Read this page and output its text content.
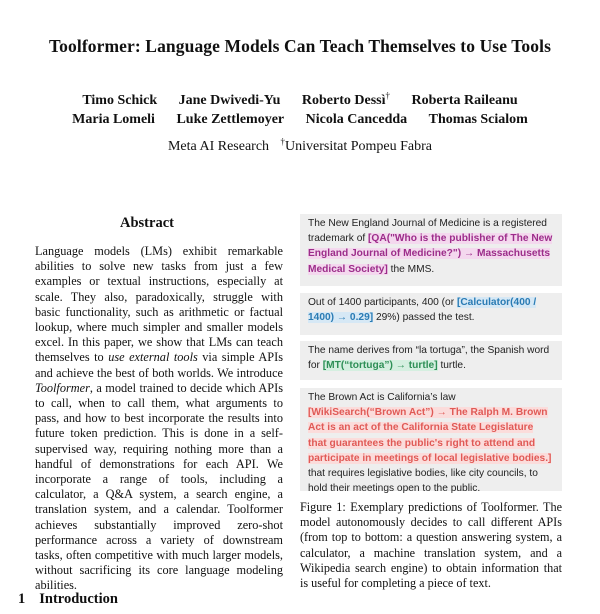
Toolformer: Language Models Can Teach Themselves to Use Tools
Timo Schick Jane Dwivedi-Yu Roberto Dessì† Roberta Raileanu
Maria Lomeli Luke Zettlemoyer Nicola Cancedda Thomas Scialom
Meta AI Research †Universitat Pompeu Fabra
Abstract
Language models (LMs) exhibit remarkable abilities to solve new tasks from just a few examples or textual instructions, especially at scale. They also, paradoxically, struggle with basic functionality, such as arithmetic or factual lookup, where much simpler and smaller models excel. In this paper, we show that LMs can teach themselves to use external tools via simple APIs and achieve the best of both worlds. We introduce Toolformer, a model trained to decide which APIs to call, when to call them, what arguments to pass, and how to best incorporate the results into future token prediction. This is done in a self-supervised way, requiring nothing more than a handful of demonstrations for each API. We incorporate a range of tools, including a calculator, a Q&A system, a search engine, a translation system, and a calendar. Toolformer achieves substantially improved zero-shot performance across a variety of downstream tasks, often competitive with much larger models, without sacrificing its core language modeling abilities.
The New England Journal of Medicine is a registered trademark of [QA("Who is the publisher of The New England Journal of Medicine?") → Massachusetts Medical Society] the MMS.
Out of 1400 participants, 400 (or [Calculator(400 / 1400) → 0.29] 29%) passed the test.
The name derives from “la tortuga”, the Spanish word for [MT(“tortuga”) → turtle] turtle.
The Brown Act is California’s law [WikiSearch(“Brown Act”) → The Ralph M. Brown Act is an act of the California State Legislature that guarantees the public's right to attend and participate in meetings of local legislative bodies.] that requires legislative bodies, like city councils, to hold their meetings open to the public.
Figure 1: Exemplary predictions of Toolformer. The model autonomously decides to call different APIs (from top to bottom: a question answering system, a calculator, a machine translation system, and a Wikipedia search engine) to obtain information that is useful for completing a piece of text.
1 Introduction
